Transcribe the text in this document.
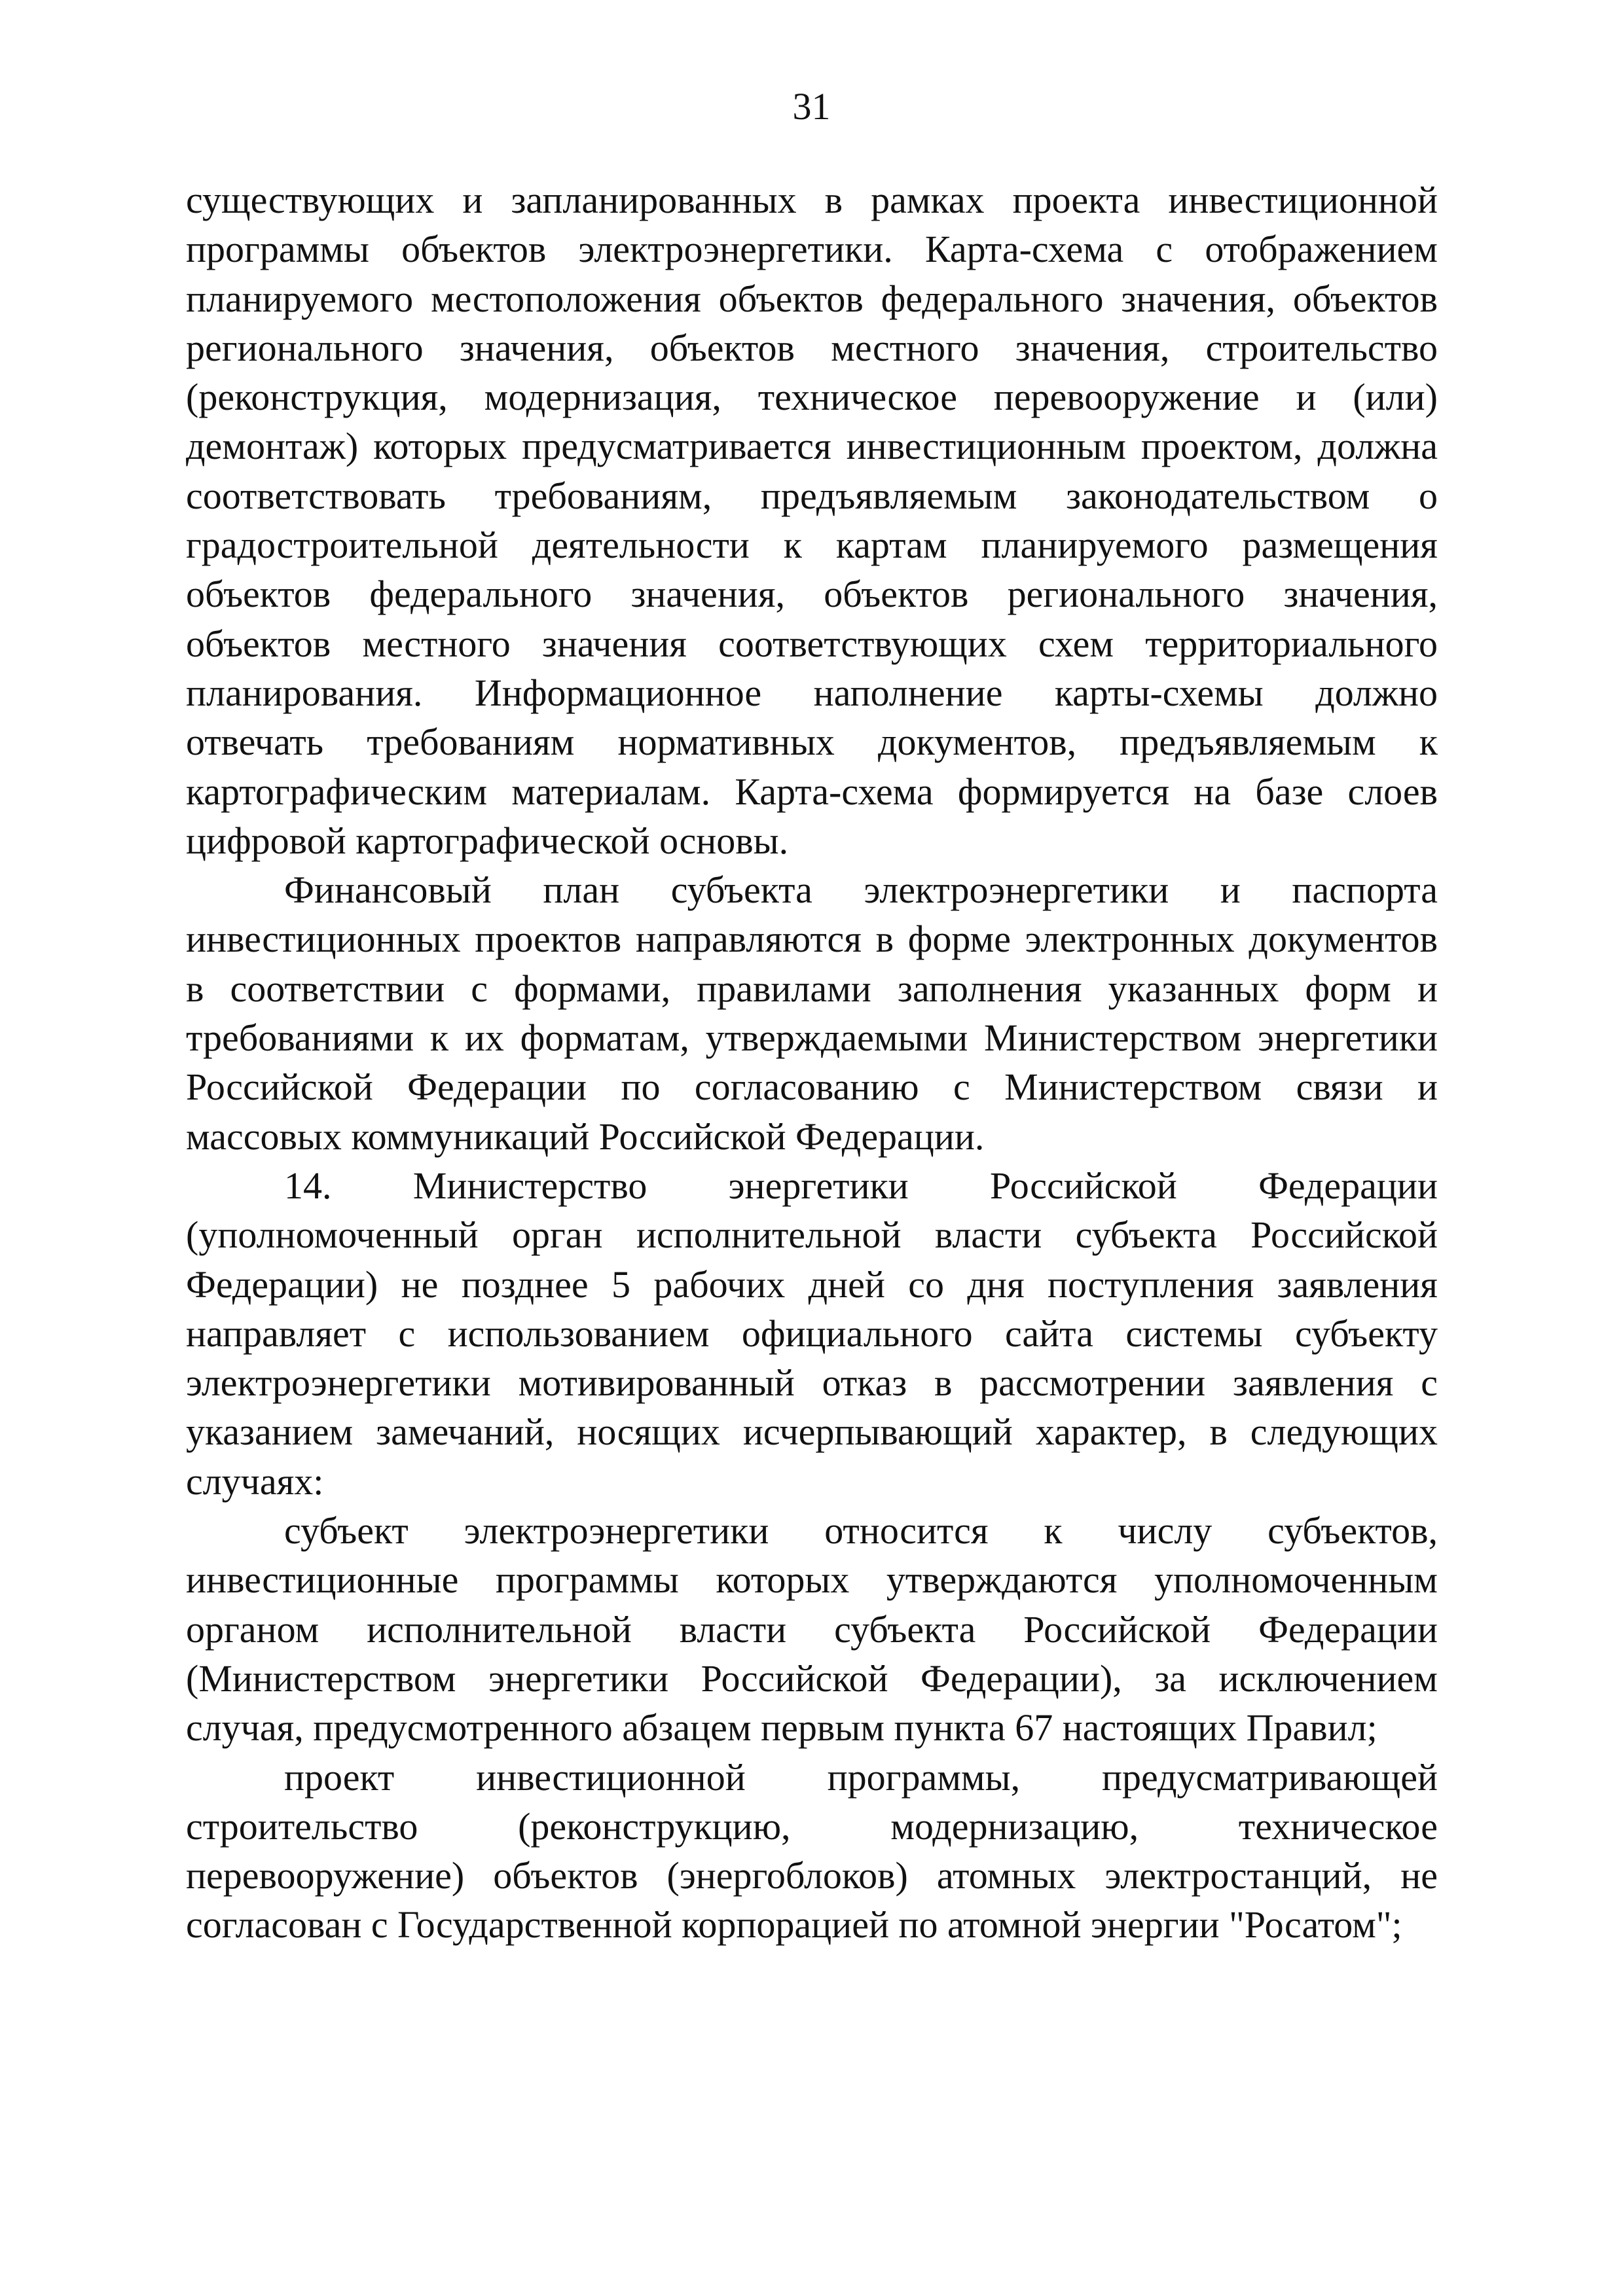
31
существующих и запланированных в рамках проекта инвестиционной
программы объектов электроэнергетики. Карта-схема с отображением
планируемого местоположения объектов федерального значения, объектов
регионального значения, объектов местного значения, строительство
(реконструкция, модернизация, техническое перевооружение и (или)
демонтаж) которых предусматривается инвестиционным проектом, должна
соответствовать требованиям, предъявляемым законодательством о
градостроительной деятельности к картам планируемого размещения
объектов федерального значения, объектов регионального значения,
объектов местного значения соответствующих схем территориального
планирования. Информационное наполнение карты-схемы должно
отвечать требованиям нормативных документов, предъявляемым к
картографическим материалам. Карта-схема формируется на базе слоев
цифровой картографической основы.
Финансовый план субъекта электроэнергетики и паспорта
инвестиционных проектов направляются в форме электронных документов
в соответствии с формами, правилами заполнения указанных форм и
требованиями к их форматам, утверждаемыми Министерством энергетики
Российской Федерации по согласованию с Министерством связи и
массовых коммуникаций Российской Федерации.
14. Министерство энергетики Российской Федерации
(уполномоченный орган исполнительной власти субъекта Российской
Федерации) не позднее 5 рабочих дней со дня поступления заявления
направляет с использованием официального сайта системы субъекту
электроэнергетики мотивированный отказ в рассмотрении заявления с
указанием замечаний, носящих исчерпывающий характер, в следующих
случаях:
субъект электроэнергетики относится к числу субъектов,
инвестиционные программы которых утверждаются уполномоченным
органом исполнительной власти субъекта Российской Федерации
(Министерством энергетики Российской Федерации), за исключением
случая, предусмотренного абзацем первым пункта 67 настоящих Правил;
проект инвестиционной программы, предусматривающей
строительство (реконструкцию, модернизацию, техническое
перевооружение) объектов (энергоблоков) атомных электростанций, не
согласован с Государственной корпорацией по атомной энергии "Росатом";
